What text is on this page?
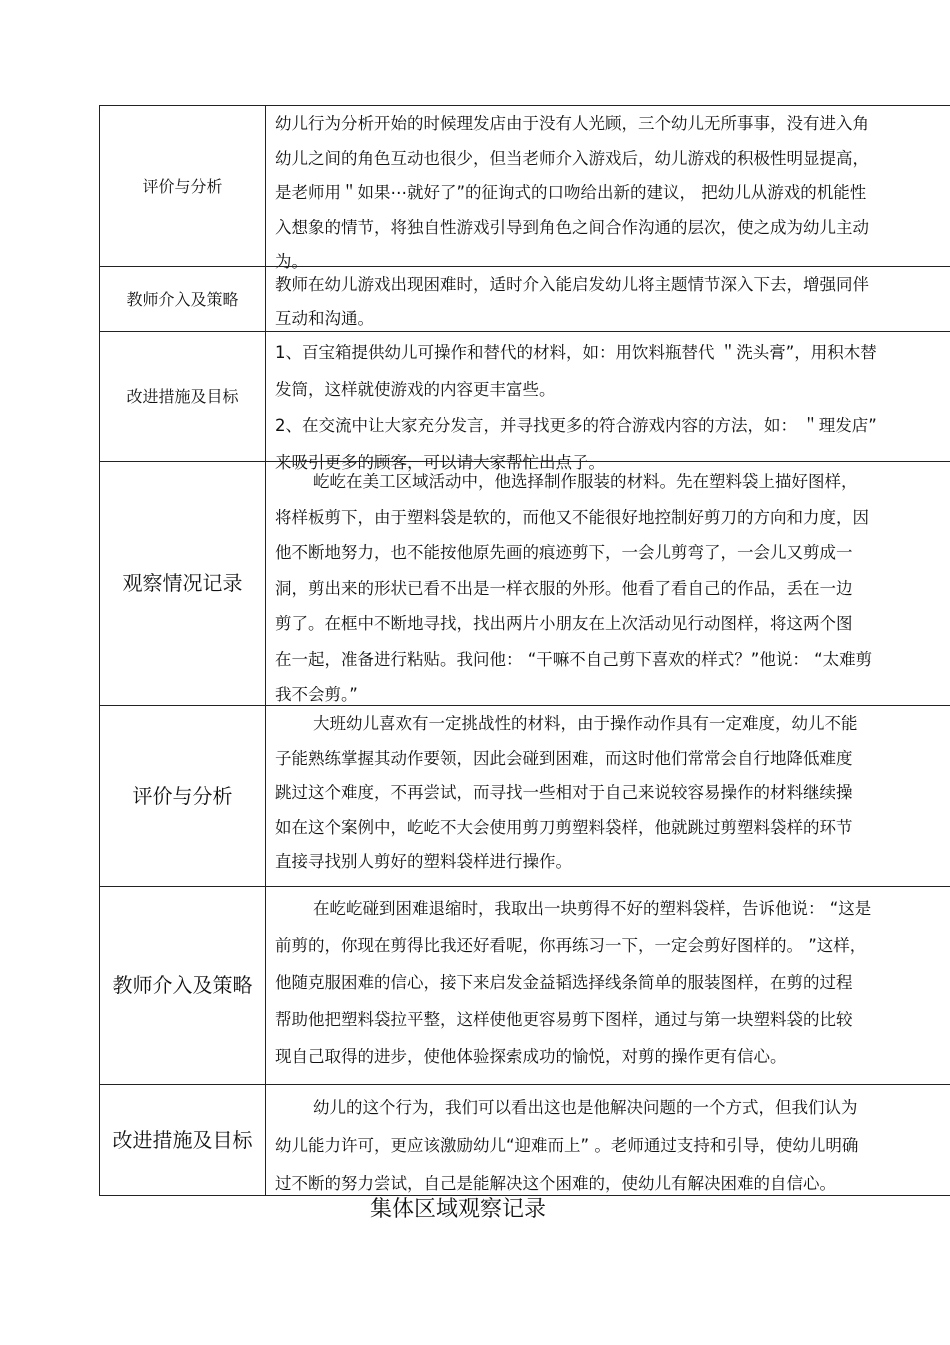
评价与分析

幼儿行为分析开始的时候理发店由于没有人光顾，三个幼儿无所事事，没有进入角

幼儿之间的角色互动也很少，但当老师介入游戏后，幼儿游戏的积极性明显提高，

是老师用＂如果⋯就好了”的征询式的口吻给出新的建议， 把幼儿从游戏的机能性

入想象的情节，将独自性游戏引导到角色之间合作沟通的层次，使之成为幼儿主动

为。

教师介入及策略

教师在幼儿游戏出现困难时，适时介入能启发幼儿将主题情节深入下去，增强同伴

互动和沟通。

改进措施及目标

1、百宝箱提供幼儿可操作和替代的材料，如：用饮料瓶替代 ＂洗头膏”，用积木替

发筒，这样就使游戏的内容更丰富些。

2、在交流中让大家充分发言，并寻找更多的符合游戏内容的方法，如： ＂理发店”

来吸引更多的顾客，可以请大家帮忙出点子。

观察情况记录

屹屹在美工区域活动中，他选择制作服装的材料。先在塑料袋上描好图样，

将样板剪下，由于塑料袋是软的，而他又不能很好地控制好剪刀的方向和力度，因

他不断地努力，也不能按他原先画的痕迹剪下，一会儿剪弯了，一会儿又剪成一

洞，剪出来的形状已看不出是一样衣服的外形。他看了看自己的作品，丢在一边

剪了。在框中不断地寻找，找出两片小朋友在上次活动见行动图样，将这两个图

在一起，准备进行粘贴。我问他： “干嘛不自己剪下喜欢的样式？”他说： “太难剪

我不会剪。”

评价与分析

大班幼儿喜欢有一定挑战性的材料，由于操作动作具有一定难度，幼儿不能

子能熟练掌握其动作要领，因此会碰到困难，而这时他们常常会自行地降低难度

跳过这个难度，不再尝试，而寻找一些相对于自己来说较容易操作的材料继续操

如在这个案例中，屹屹不大会使用剪刀剪塑料袋样，他就跳过剪塑料袋样的环节

直接寻找别人剪好的塑料袋样进行操作。

教师介入 及策略

在屹屹碰到困难退缩时，我取出一块剪得不好的塑料袋样，告诉他说： “这是

前剪的，你现在剪得比我还好看呢，你再练习一下，一定会剪好图样的。 ”这样，

他随克服困难的信心，接下来启发金益韬选择线条简单的服装图样，在剪的过程

帮助他把塑料袋拉平整，这样使他更容易剪下图样，通过与第一块塑料袋的比较

现自己取得的进步，使他体验探索成功的愉悦，对剪的操作更有信心。

改进措施 及目标

幼儿的这个行为，我们可以看出这也是他解决问题的一个方式，但我们认为

幼儿能力许可，更应该激励幼儿“迎难而上” 。老师通过支持和引导，使幼儿明确

过不断的努力尝试，自己是能解决这个困难的，使幼儿有解决困难的自信心。

集体区域观察记录
